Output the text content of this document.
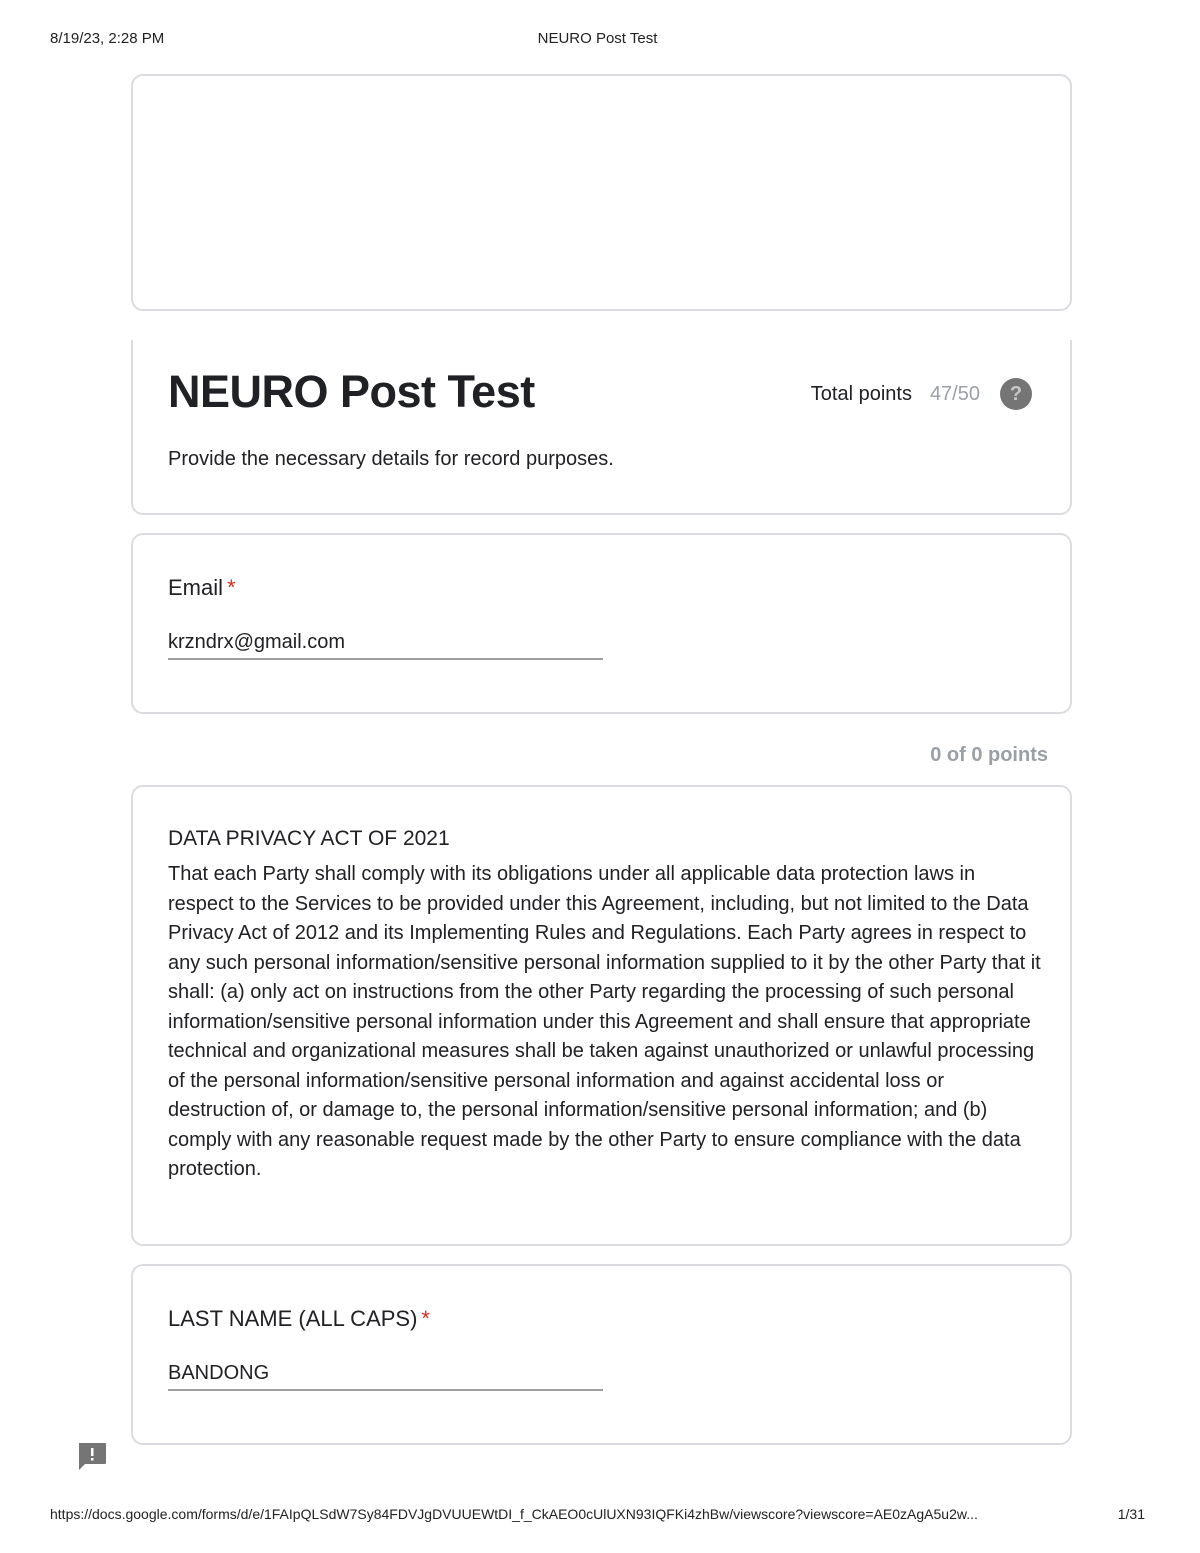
8/19/23, 2:28 PM	NEURO Post Test
NEURO Post Test	Total points 47/50	?

Provide the necessary details for record purposes.

Email *
krzndrx@gmail.com
0 of 0 points
DATA PRIVACY ACT OF 2021
That each Party shall comply with its obligations under all applicable data protection laws in respect to the Services to be provided under this Agreement, including, but not limited to the Data Privacy Act of 2012 and its Implementing Rules and Regulations. Each Party agrees in respect to any such personal information/sensitive personal information supplied to it by the other Party that it shall: (a) only act on instructions from the other Party regarding the processing of such personal information/sensitive personal information under this Agreement and shall ensure that appropriate technical and organizational measures shall be taken against unauthorized or unlawful processing of the personal information/sensitive personal information and against accidental loss or destruction of, or damage to, the personal information/sensitive personal information; and (b) comply with any reasonable request made by the other Party to ensure compliance with the data protection.
LAST NAME (ALL CAPS) *
BANDONG
https://docs.google.com/forms/d/e/1FAIpQLSdW7Sy84FDVJgDVUUEWtDI_f_CkAEO0cUlUXN93IQFKi4zhBw/viewscore?viewscore=AE0zAgA5u2w...	1/31
